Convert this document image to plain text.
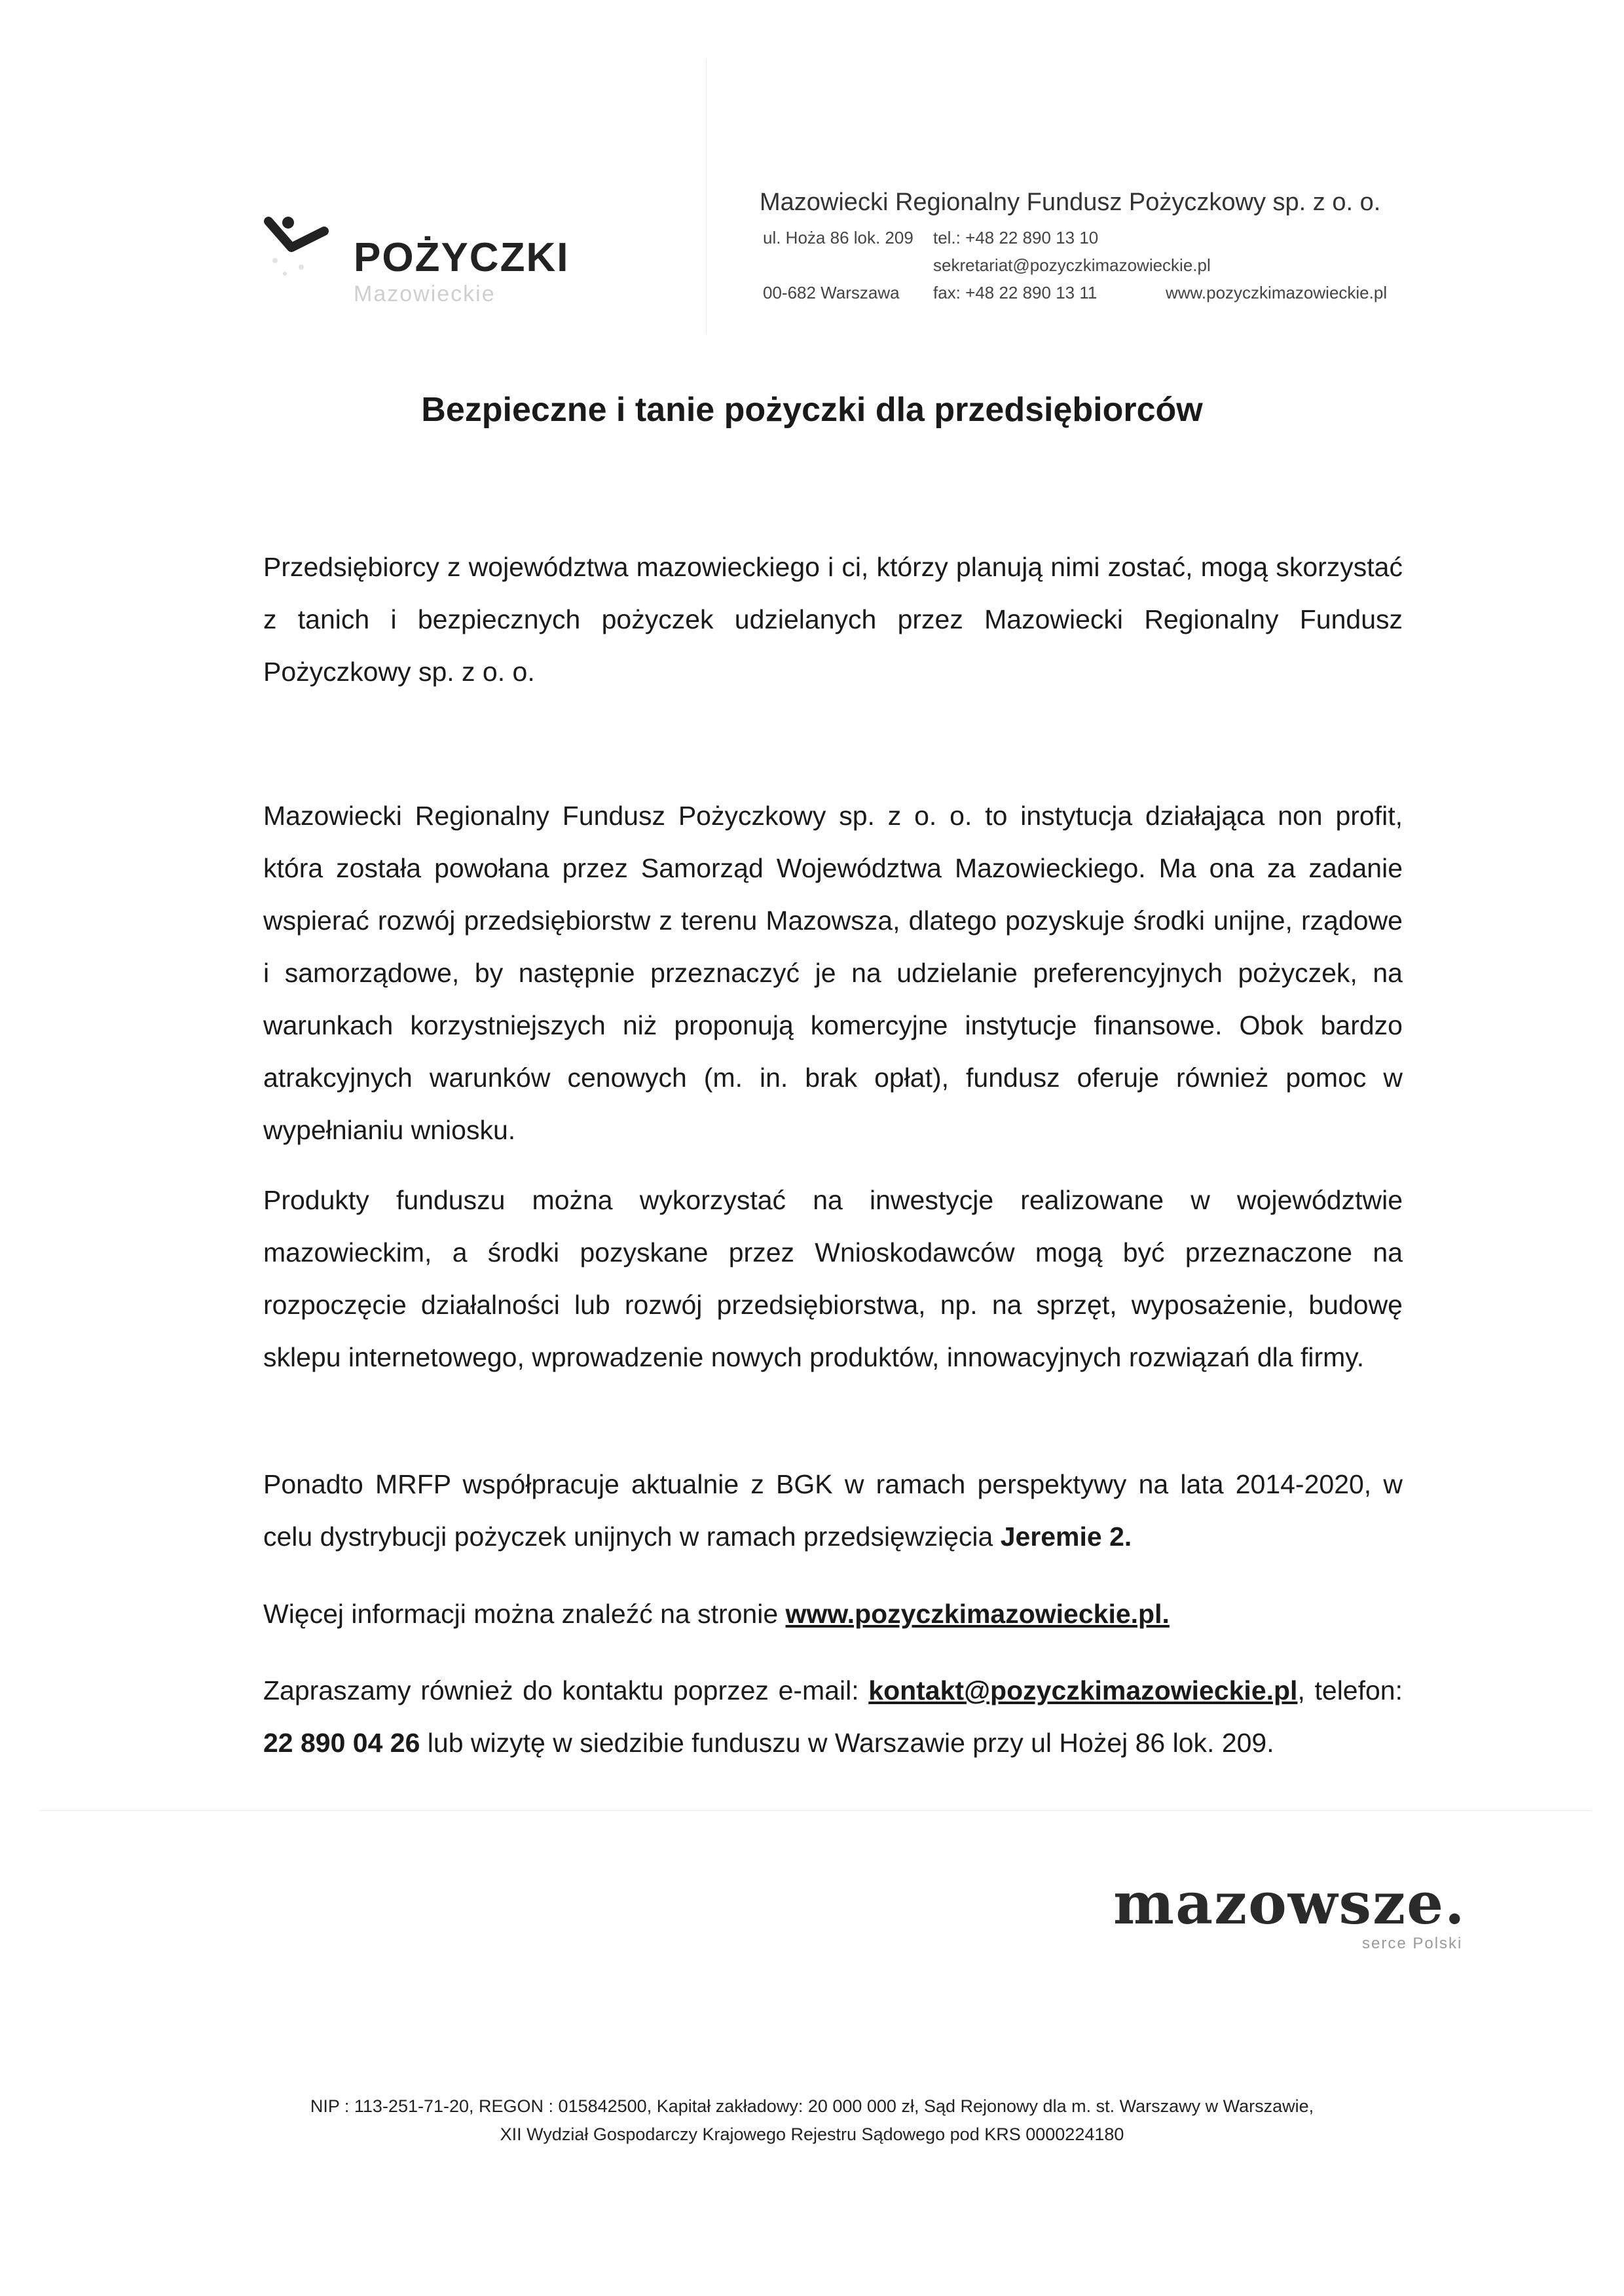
POŻYCZKI
Mazowieckie
Mazowiecki Regionalny Fundusz Pożyczkowy sp. z o. o.
ul. Hoża 86 lok. 209
00-682 Warszawa
tel.: +48 22 890 13 10
sekretariat@pozyczkimazowieckie.pl
fax: +48 22 890 13 11	www.pozyczkimazowieckie.pl
Bezpieczne i tanie pożyczki dla przedsiębiorców

Przedsiębiorcy z województwa mazowieckiego i ci, którzy planują nimi zostać, mogą skorzystać z tanich i bezpiecznych pożyczek udzielanych przez Mazowiecki Regionalny Fundusz Pożyczkowy sp. z o. o.

Mazowiecki Regionalny Fundusz Pożyczkowy sp. z o. o. to instytucja działająca non profit, która została powołana przez Samorząd Województwa Mazowieckiego. Ma ona za zadanie wspierać rozwój przedsiębiorstw z terenu Mazowsza, dlatego pozyskuje środki unijne, rządowe i samorządowe, by następnie przeznaczyć je na udzielanie preferencyjnych pożyczek, na warunkach korzystniejszych niż proponują komercyjne instytucje finansowe. Obok bardzo atrakcyjnych warunków cenowych (m. in. brak opłat), fundusz oferuje również pomoc w wypełnianiu wniosku.

Produkty funduszu można wykorzystać na inwestycje realizowane w województwie mazowieckim, a środki pozyskane przez Wnioskodawców mogą być przeznaczone na rozpoczęcie działalności lub rozwój przedsiębiorstwa, np. na sprzęt, wyposażenie, budowę sklepu internetowego, wprowadzenie nowych produktów, innowacyjnych rozwiązań dla firmy.

Ponadto MRFP współpracuje aktualnie z BGK w ramach perspektywy na lata 2014-2020, w celu dystrybucji pożyczek unijnych w ramach przedsięwzięcia Jeremie 2.

Więcej informacji można znaleźć na stronie www.pozyczkimazowieckie.pl.

Zapraszamy również do kontaktu poprzez e-mail: kontakt@pozyczkimazowieckie.pl, telefon: 22 890 04 26 lub wizytę w siedzibie funduszu w Warszawie przy ul Hożej 86 lok. 209.

mazowsze.
serce Polski
NIP : 113-251-71-20, REGON : 015842500, Kapitał zakładowy: 20 000 000 zł, Sąd Rejonowy dla m. st. Warszawy w Warszawie,
XII Wydział Gospodarczy Krajowego Rejestru Sądowego pod KRS 0000224180
